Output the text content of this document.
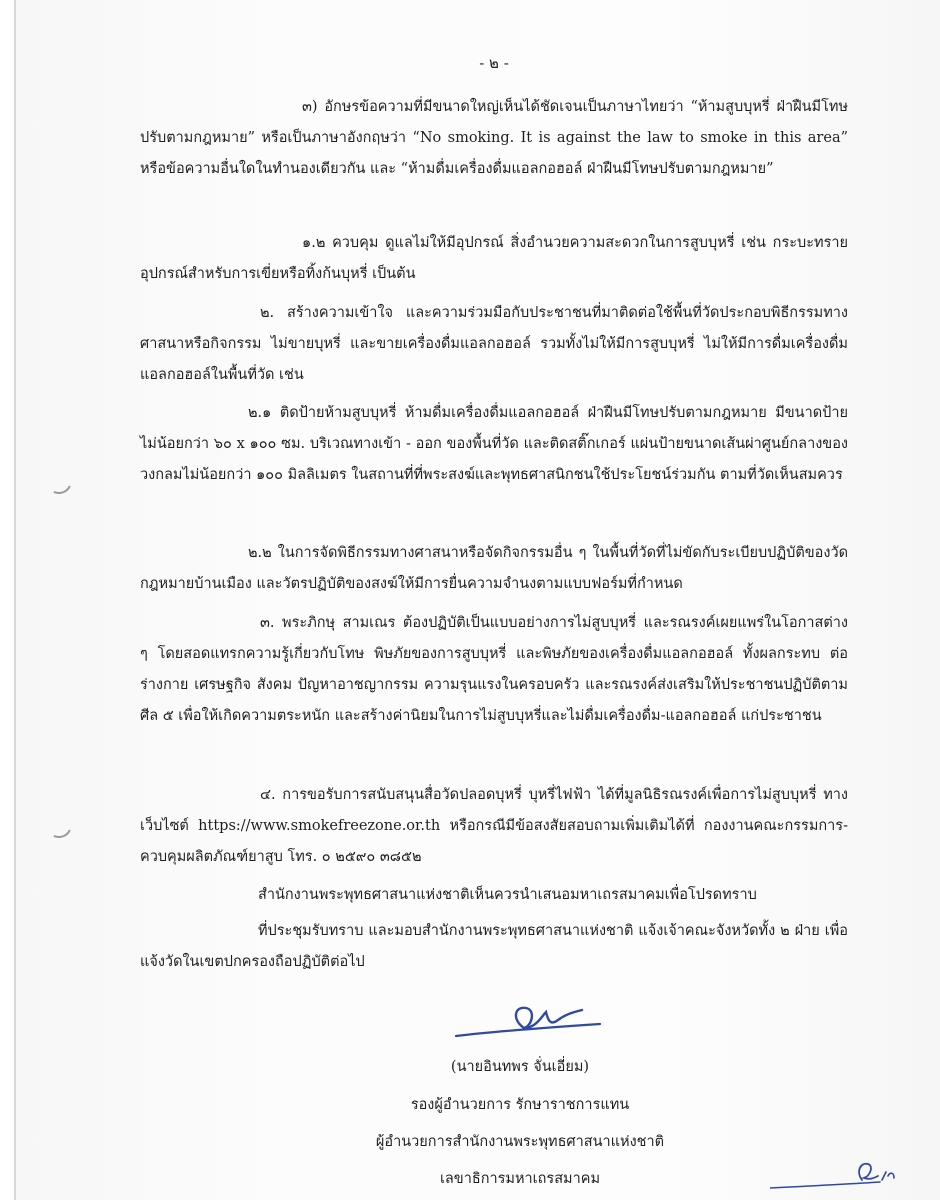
- ๒ -

๓) อักษรข้อความที่มีขนาดใหญ่เห็นได้ชัดเจนเป็นภาษาไทยว่า “ห้ามสูบบุหรี่ ฝ่าฝืนมีโทษปรับตามกฎหมาย” หรือเป็นภาษาอังกฤษว่า “No smoking. It is against the law to smoke in this area” หรือข้อความอื่นใดในทำนองเดียวกัน และ “ห้ามดื่มเครื่องดื่มแอลกอฮอล์ ฝ่าฝืนมีโทษปรับตามกฎหมาย”

๑.๒ ควบคุม ดูแลไม่ให้มีอุปกรณ์ สิ่งอำนวยความสะดวกในการสูบบุหรี่ เช่น กระบะทราย อุปกรณ์สำหรับการเขี่ยหรือทิ้งก้นบุหรี่ เป็นต้น

๒. สร้างความเข้าใจ และความร่วมมือกับประชาชนที่มาติดต่อใช้พื้นที่วัดประกอบพิธีกรรมทางศาสนาหรือกิจกรรม ไม่ขายบุหรี่ และขายเครื่องดื่มแอลกอฮอล์ รวมทั้งไม่ให้มีการสูบบุหรี่ ไม่ให้มีการดื่มเครื่องดื่มแอลกอฮอล์ในพื้นที่วัด เช่น

๒.๑ ติดป้ายห้ามสูบบุหรี่ ห้ามดื่มเครื่องดื่มแอลกอฮอล์ ฝ่าฝืนมีโทษปรับตามกฎหมาย มีขนาดป้ายไม่น้อยกว่า ๖๐ x ๑๐๐ ซม. บริเวณทางเข้า - ออก ของพื้นที่วัด และติดสติ๊กเกอร์ แผ่นป้ายขนาดเส้นผ่าศูนย์กลางของวงกลมไม่น้อยกว่า ๑๐๐ มิลลิเมตร ในสถานที่ที่พระสงฆ์และพุทธศาสนิกชนใช้ประโยชน์ร่วมกัน ตามที่วัดเห็นสมควร

๒.๒ ในการจัดพิธีกรรมทางศาสนาหรือจัดกิจกรรมอื่น ๆ ในพื้นที่วัดที่ไม่ขัดกับระเบียบปฏิบัติของวัด กฎหมายบ้านเมือง และวัตรปฏิบัติของสงฆ์ให้มีการยื่นความจำนงตามแบบฟอร์มที่กำหนด

๓. พระภิกษุ สามเณร ต้องปฏิบัติเป็นแบบอย่างการไม่สูบบุหรี่ และรณรงค์เผยแพร่ในโอกาสต่าง ๆ โดยสอดแทรกความรู้เกี่ยวกับโทษ พิษภัยของการสูบบุหรี่ และพิษภัยของเครื่องดื่มแอลกอฮอล์ ทั้งผลกระทบ ต่อร่างกาย เศรษฐกิจ สังคม ปัญหาอาชญากรรม ความรุนแรงในครอบครัว และรณรงค์ส่งเสริมให้ประชาชนปฏิบัติตามศีล ๕ เพื่อให้เกิดความตระหนัก และสร้างค่านิยมในการไม่สูบบุหรี่และไม่ดื่มเครื่องดื่ม-แอลกอฮอล์ แก่ประชาชน

๔. การขอรับการสนับสนุนสื่อวัดปลอดบุหรี่ บุหรี่ไฟฟ้า ได้ที่มูลนิธิรณรงค์เพื่อการไม่สูบบุหรี่ ทางเว็บไซต์ https://www.smokefreezone.or.th หรือกรณีมีข้อสงสัยสอบถามเพิ่มเติมได้ที่ กองงานคณะกรรมการ-ควบคุมผลิตภัณฑ์ยาสูบ โทร. ๐ ๒๕๙๐ ๓๘๕๒

สำนักงานพระพุทธศาสนาแห่งชาติเห็นควรนำเสนอมหาเถรสมาคมเพื่อโปรดทราบ

ที่ประชุมรับทราบ และมอบสำนักงานพระพุทธศาสนาแห่งชาติ แจ้งเจ้าคณะจังหวัดทั้ง ๒ ฝ่าย เพื่อแจ้งวัดในเขตปกครองถือปฏิบัติต่อไป

(นายอินทพร จั่นเอี่ยม)
รองผู้อำนวยการ รักษาราชการแทน
ผู้อำนวยการสำนักงานพระพุทธศาสนาแห่งชาติ
เลขาธิการมหาเถรสมาคม
